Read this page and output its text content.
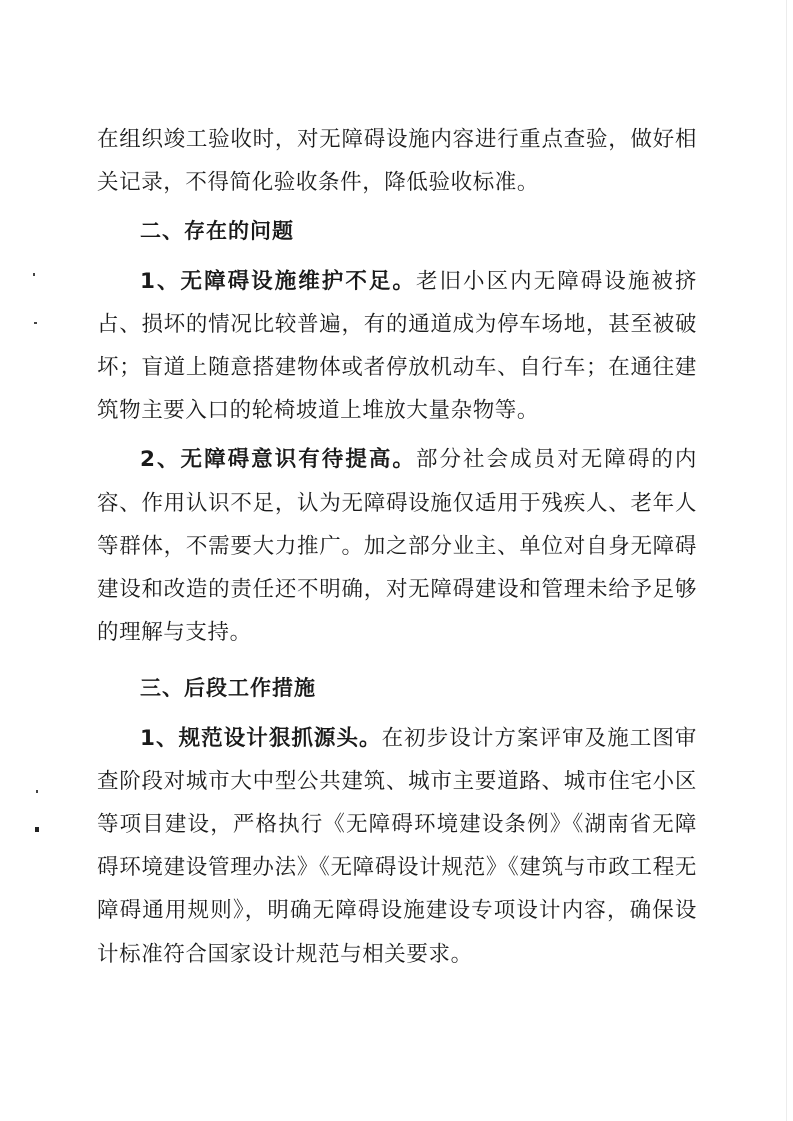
在组织竣工验收时，对无障碍设施内容进行重点查验，做好相关记录，不得简化验收条件，降低验收标准。

二、存在的问题

1、无障碍设施维护不足。老旧小区内无障碍设施被挤占、损坏的情况比较普遍，有的通道成为停车场地，甚至被破坏；盲道上随意搭建物体或者停放机动车、自行车；在通往建筑物主要入口的轮椅坡道上堆放大量杂物等。

2、无障碍意识有待提高。部分社会成员对无障碍的内容、作用认识不足，认为无障碍设施仅适用于残疾人、老年人等群体，不需要大力推广。加之部分业主、单位对自身无障碍建设和改造的责任还不明确，对无障碍建设和管理未给予足够的理解与支持。

三、后段工作措施

1、规范设计狠抓源头。在初步设计方案评审及施工图审查阶段对城市大中型公共建筑、城市主要道路、城市住宅小区等项目建设，严格执行《无障碍环境建设条例》《湖南省无障碍环境建设管理办法》《无障碍设计规范》《建筑与市政工程无障碍通用规则》，明确无障碍设施建设专项设计内容，确保设计标准符合国家设计规范与相关要求。
